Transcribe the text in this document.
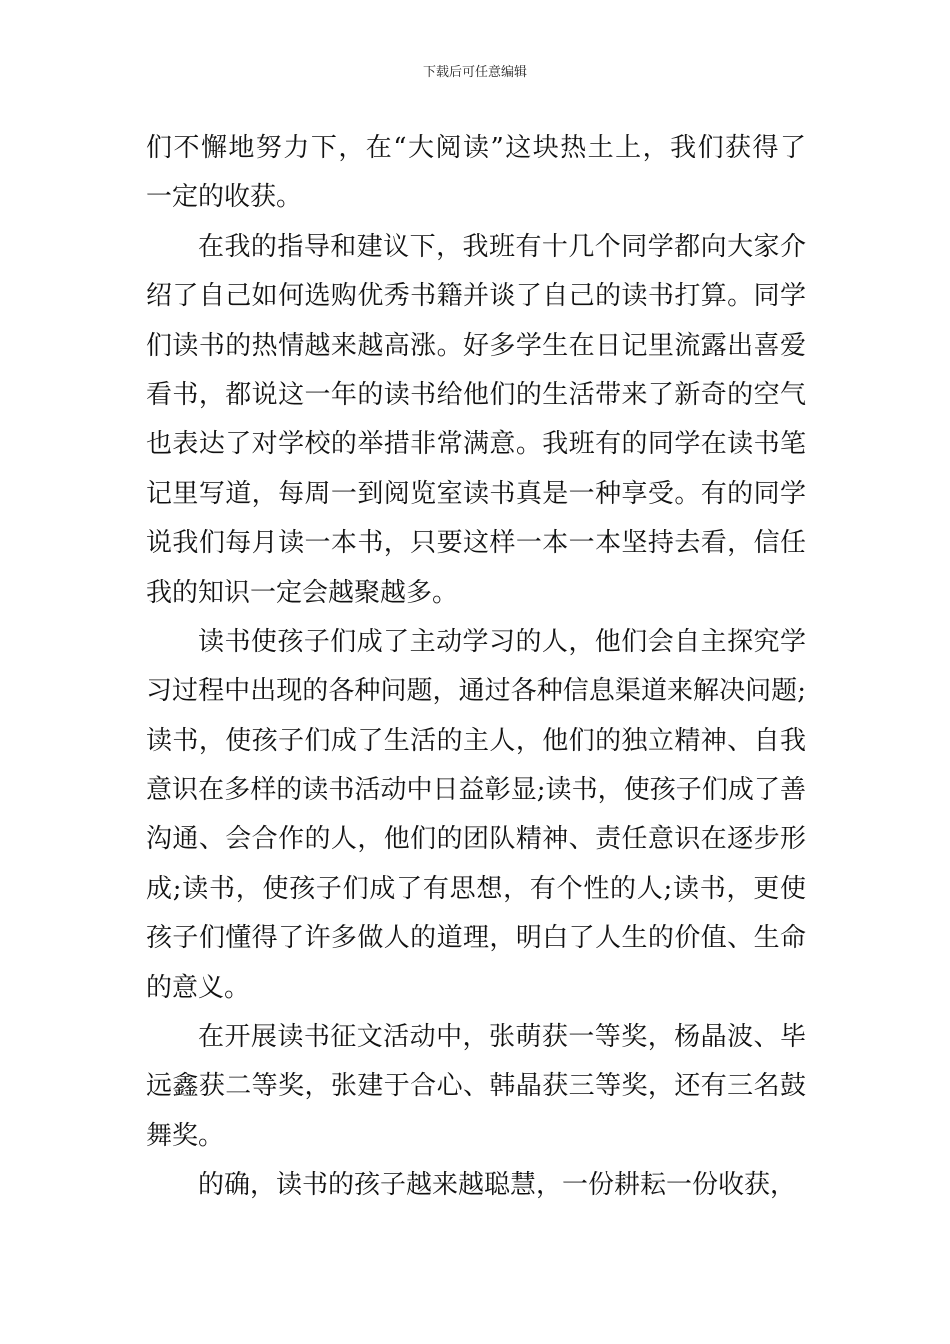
下载后可任意编辑
们不懈地努力下，在“大阅读”这块热土上，我们获得了
一定的收获。
在我的指导和建议下，我班有十几个同学都向大家介
绍了自己如何选购优秀书籍并谈了自己的读书打算。同学
们读书的热情越来越高涨。好多学生在日记里流露出喜爱
看书，都说这一年的读书给他们的生活带来了新奇的空气
也表达了对学校的举措非常满意。我班有的同学在读书笔
记里写道，每周一到阅览室读书真是一种享受。有的同学
说我们每月读一本书，只要这样一本一本坚持去看，信任
我的知识一定会越聚越多。
读书使孩子们成了主动学习的人，他们会自主探究学
习过程中出现的各种问题，通过各种信息渠道来解决问题;
读书，使孩子们成了生活的主人，他们的独立精神、自我
意识在多样的读书活动中日益彰显;读书，使孩子们成了善
沟通、会合作的人，他们的团队精神、责任意识在逐步形
成;读书，使孩子们成了有思想，有个性的人;读书，更使
孩子们懂得了许多做人的道理，明白了人生的价值、生命
的意义。
在开展读书征文活动中，张萌获一等奖，杨晶波、毕
远鑫获二等奖，张建于合心、韩晶获三等奖，还有三名鼓
舞奖。
的确，读书的孩子越来越聪慧，一份耕耘一份收获，
